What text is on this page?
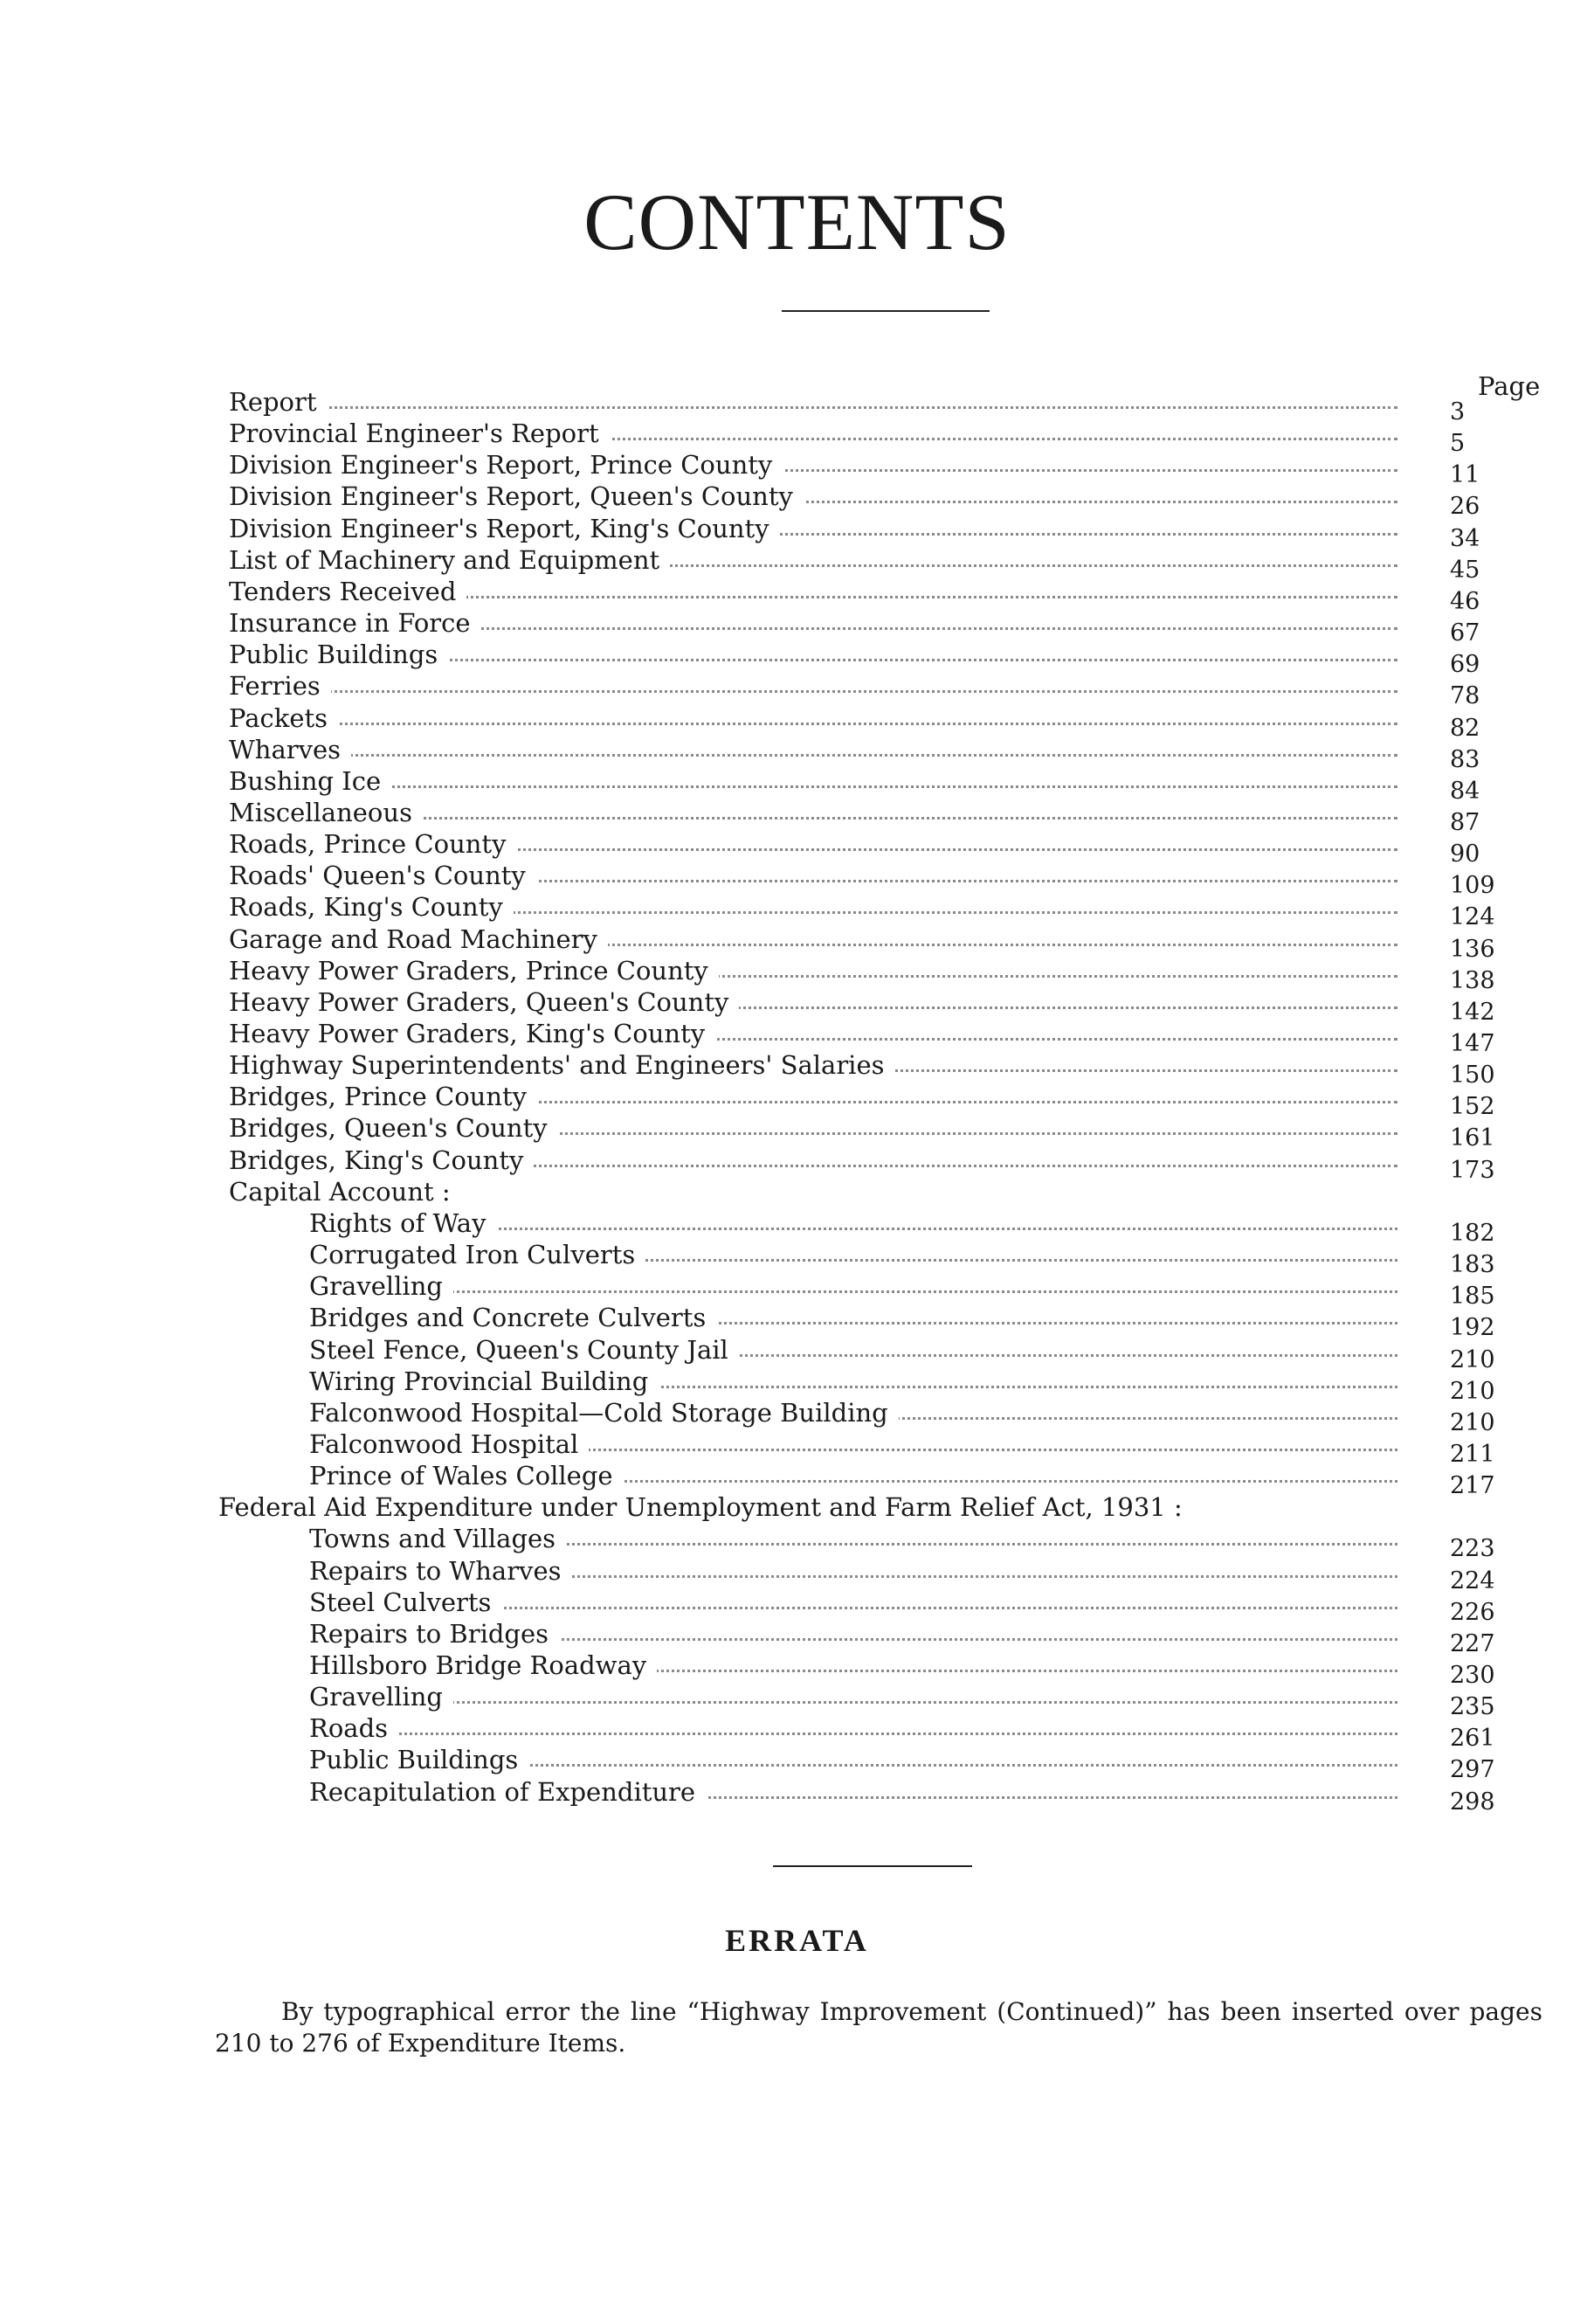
CONTENTS
Page
Report	3
Provincial Engineer's Report	5
Division Engineer's Report, Prince County	11
Division Engineer's Report, Queen's County	26
Division Engineer's Report, King's County	34
List of Machinery and Equipment	45
Tenders Received	46
Insurance in Force	67
Public Buildings	69
Ferries	78
Packets	82
Wharves	83
Bushing Ice	84
Miscellaneous	87
Roads, Prince County	90
Roads' Queen's County	109
Roads, King's County	124
Garage and Road Machinery	136
Heavy Power Graders, Prince County	138
Heavy Power Graders, Queen's County	142
Heavy Power Graders, King's County	147
Highway Superintendents' and Engineers' Salaries	150
Bridges, Prince County	152
Bridges, Queen's County	161
Bridges, King's County	173
Capital Account :
Rights of Way	182
Corrugated Iron Culverts	183
Gravelling	185
Bridges and Concrete Culverts	192
Steel Fence, Queen's County Jail	210
Wiring Provincial Building	210
Falconwood Hospital—Cold Storage Building	210
Falconwood Hospital	211
Prince of Wales College	217
Federal Aid Expenditure under Unemployment and Farm Relief Act, 1931 :
Towns and Villages	223
Repairs to Wharves	224
Steel Culverts	226
Repairs to Bridges	227
Hillsboro Bridge Roadway	230
Gravelling	235
Roads	261
Public Buildings	297
Recapitulation of Expenditure	298
ERRATA

By typographical error the line “Highway Improvement (Continued)” has been inserted over pages 210 to 276 of Expenditure Items.
